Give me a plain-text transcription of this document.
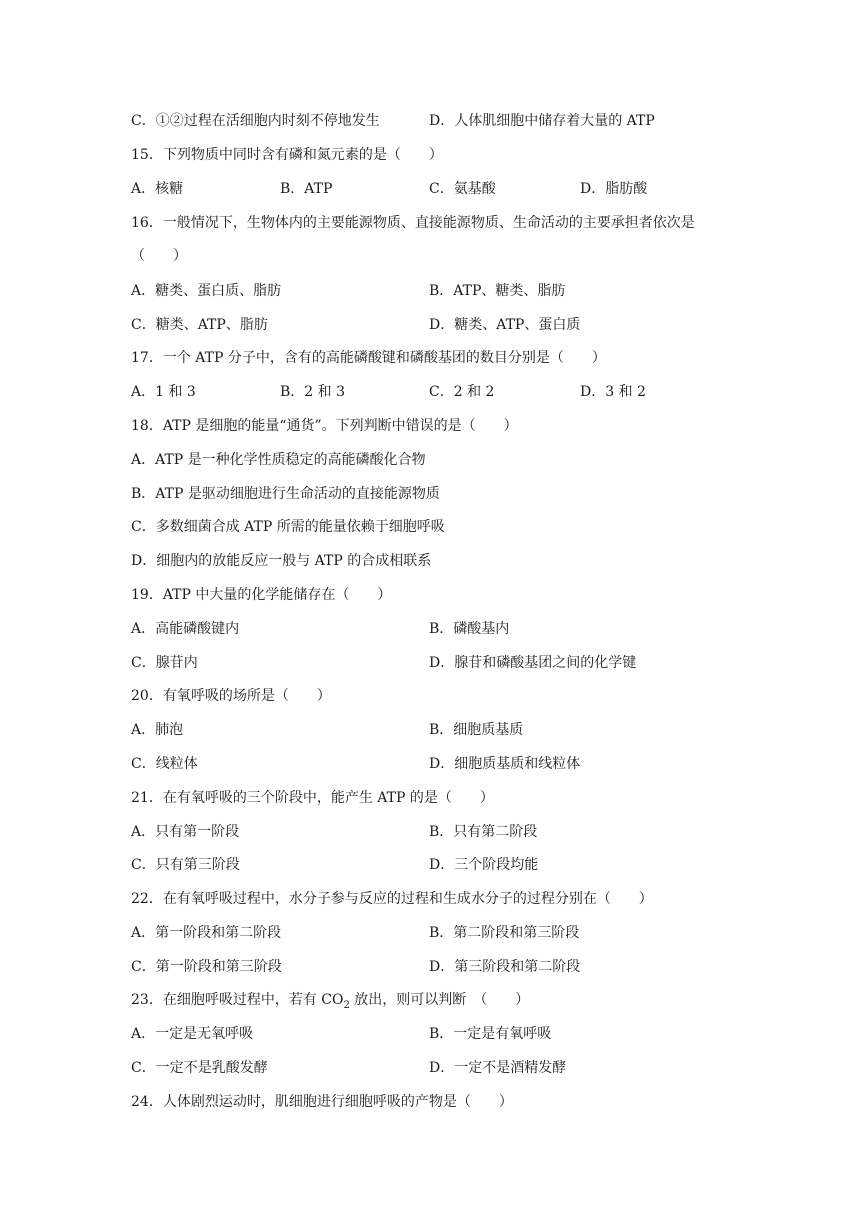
C．①②过程在活细胞内时刻不停地发生	D．人体肌细胞中储存着大量的 ATP
15．下列物质中同时含有磷和氮元素的是（　　）
A．核糖	B．ATP	C．氨基酸	D．脂肪酸
16．一般情况下，生物体内的主要能源物质、直接能源物质、生命活动的主要承担者依次是
（　　）
A．糖类、蛋白质、脂肪	B．ATP、糖类、脂肪
C．糖类、ATP、脂肪	D．糖类、ATP、蛋白质
17．一个 ATP 分子中，含有的高能磷酸键和磷酸基团的数目分别是（　　）
A．1 和 3	B．2 和 3	C．2 和 2	D．3 和 2
18．ATP 是细胞的能量“通货”。下列判断中错误的是（　　）
A．ATP 是一种化学性质稳定的高能磷酸化合物
B．ATP 是驱动细胞进行生命活动的直接能源物质
C．多数细菌合成 ATP 所需的能量依赖于细胞呼吸
D．细胞内的放能反应一般与 ATP 的合成相联系
19．ATP 中大量的化学能储存在（　　）
A．高能磷酸键内	B．磷酸基内
C．腺苷内	D．腺苷和磷酸基团之间的化学键
20．有氧呼吸的场所是（　　）
A．肺泡	B．细胞质基质
C．线粒体	D．细胞质基质和线粒体
21．在有氧呼吸的三个阶段中，能产生 ATP 的是（　　）
A．只有第一阶段	B．只有第二阶段
C．只有第三阶段	D．三个阶段均能
22．在有氧呼吸过程中，水分子参与反应的过程和生成水分子的过程分别在（　　）
A．第一阶段和第二阶段	B．第二阶段和第三阶段
C．第一阶段和第三阶段	D．第三阶段和第二阶段
23．在细胞呼吸过程中，若有 $CO_2$ 放出，则可以判断　（　　）
A．一定是无氧呼吸	B．一定是有氧呼吸
C．一定不是乳酸发酵	D．一定不是酒精发酵
24．人体剧烈运动时，肌细胞进行细胞呼吸的产物是（　　）
